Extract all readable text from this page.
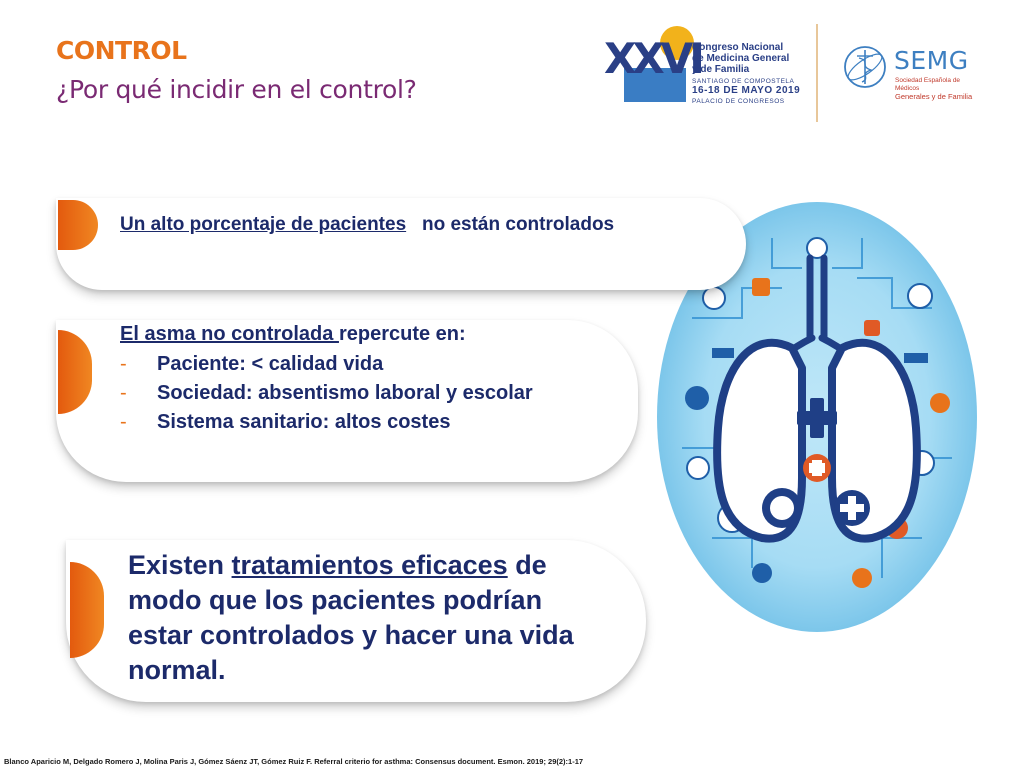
CONTROL
¿Por qué incidir en el control?
XXVI
Congreso Nacional
de Medicina General
y de Familia
SANTIAGO DE COMPOSTELA
16-18 DE MAYO 2019
PALACIO DE CONGRESOS
SEMG
Sociedad Española de Médicos
Generales y de Familia
Un alto porcentaje de pacientes no están controlados
El asma no controlada repercute en:
- Paciente: < calidad vida
- Sociedad: absentismo laboral y escolar
- Sistema sanitario: altos costes
Existen tratamientos eficaces de modo que los pacientes podrían estar controlados y hacer una vida normal.
Blanco Aparicio M, Delgado Romero J, Molina Paris J, Gómez Sáenz JT, Gómez Ruiz F. Referral criterio for asthma: Consensus document. Esmon. 2019; 29(2):1-17
